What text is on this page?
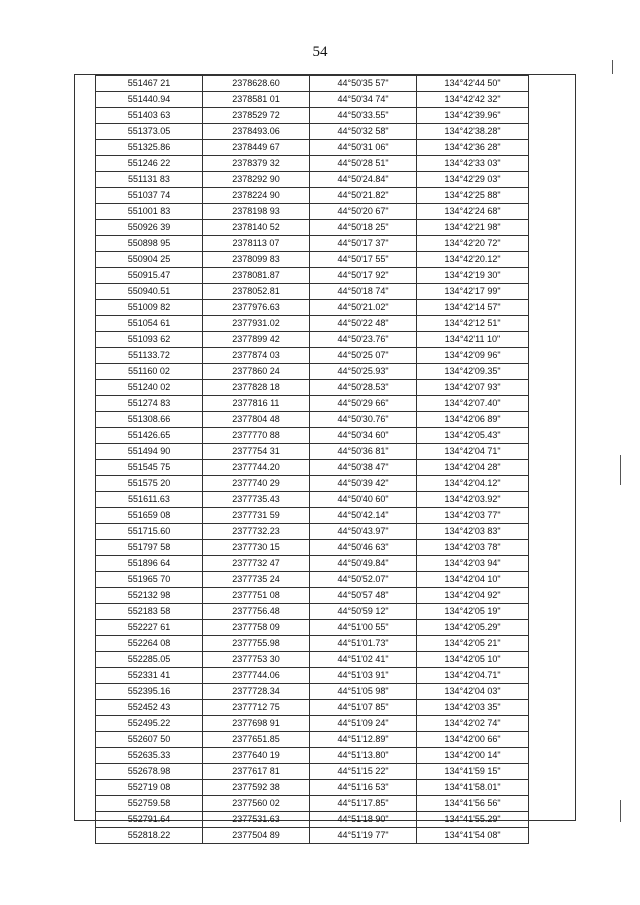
54
551467 21	2378628.60	44°50'35 57"	134°42'44 50"
551440.94	2378581 01	44°50'34 74"	134°42'42 32"
551403 63	2378529 72	44°50'33.55"	134°42'39.96"
551373.05	2378493.06	44°50'32 58"	134°42'38.28"
551325.86	2378449 67	44°50'31 06"	134°42'36 28"
551246 22	2378379 32	44°50'28 51"	134°42'33 03"
551131 83	2378292 90	44°50'24.84"	134°42'29 03"
551037 74	2378224 90	44°50'21.82"	134°42'25 88"
551001 83	2378198 93	44°50'20 67"	134°42'24 68"
550926 39	2378140 52	44°50'18 25"	134°42'21 98"
550898 95	2378113 07	44°50'17 37"	134°42'20 72"
550904 25	2378099 83	44°50'17 55"	134°42'20.12"
550915.47	2378081.87	44°50'17 92"	134°42'19 30"
550940.51	2378052.81	44°50'18 74"	134°42'17 99"
551009 82	2377976.63	44°50'21.02"	134°42'14 57"
551054 61	2377931.02	44°50'22 48"	134°42'12 51"
551093 62	2377899 42	44°50'23.76"	134°42'11 10"
551133.72	2377874 03	44°50'25 07"	134°42'09 96"
551160 02	2377860 24	44°50'25.93"	134°42'09.35"
551240 02	2377828 18	44°50'28.53"	134°42'07 93"
551274 83	2377816 11	44°50'29 66"	134°42'07.40"
551308.66	2377804 48	44°50'30.76"	134°42'06 89"
551426.65	2377770 88	44°50'34 60"	134°42'05.43"
551494 90	2377754 31	44°50'36 81"	134°42'04 71"
551545 75	2377744.20	44°50'38 47"	134°42'04 28"
551575 20	2377740 29	44°50'39 42"	134°42'04.12"
551611.63	2377735.43	44°50'40 60"	134°42'03.92"
551659 08	2377731 59	44°50'42.14"	134°42'03 77"
551715.60	2377732.23	44°50'43.97"	134°42'03 83"
551797 58	2377730 15	44°50'46 63"	134°42'03 78"
551896 64	2377732 47	44°50'49.84"	134°42'03 94"
551965 70	2377735 24	44°50'52.07"	134°42'04 10"
552132 98	2377751 08	44°50'57 48"	134°42'04 92"
552183 58	2377756.48	44°50'59 12"	134°42'05 19"
552227 61	2377758 09	44°51'00 55"	134°42'05.29"
552264 08	2377755.98	44°51'01.73"	134°42'05 21"
552285.05	2377753 30	44°51'02 41"	134°42'05 10"
552331 41	2377744.06	44°51'03 91"	134°42'04.71"
552395.16	2377728.34	44°51'05 98"	134°42'04 03"
552452 43	2377712 75	44°51'07 85"	134°42'03 35"
552495.22	2377698 91	44°51'09 24"	134°42'02 74"
552607 50	2377651.85	44°51'12.89"	134°42'00 66"
552635.33	2377640 19	44°51'13.80"	134°42'00 14"
552678.98	2377617 81	44°51'15 22"	134°41'59 15"
552719 08	2377592 38	44°51'16 53"	134°41'58.01"
552759.58	2377560 02	44°51'17.85"	134°41'56 56"
552791.64	2377531.63	44°51'18 90"	134°41'55.29"
552818.22	2377504 89	44°51'19 77"	134°41'54 08"
